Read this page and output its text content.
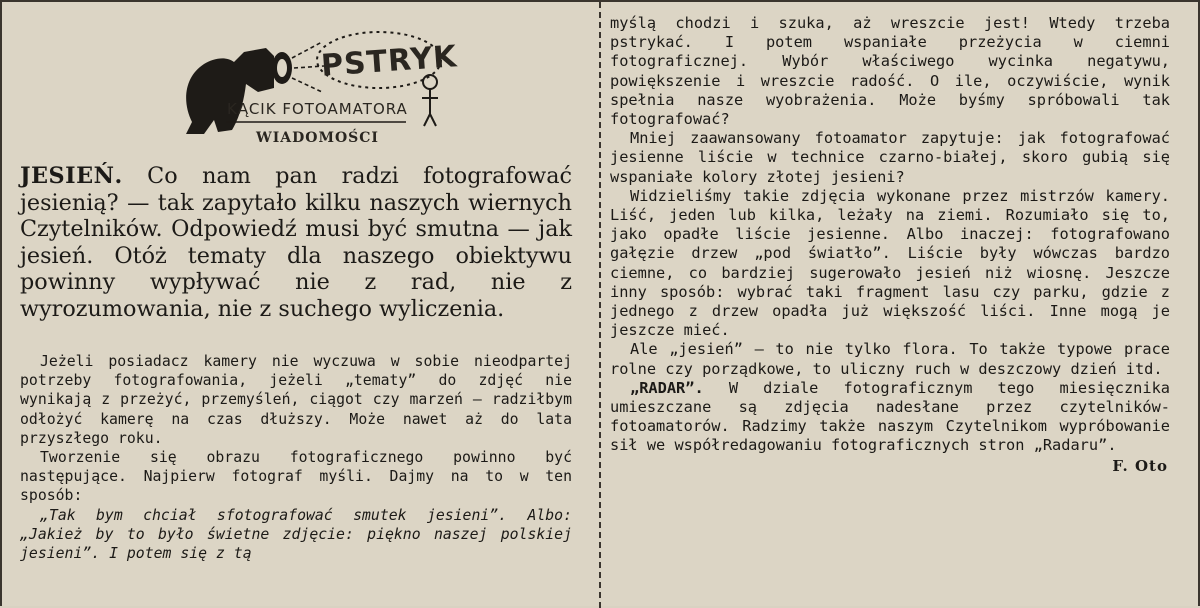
PSTRYK
KĄCIK FOTOAMATORA
WIADOMOŚCI
JESIEŃ. Co nam pan radzi fotografować jesienią? — tak zapytało kilku naszych wiernych Czytelników. Odpowiedź musi być smutna — jak jesień. Otóż tematy dla naszego obiektywu powinny wypływać nie z rad, nie z wyrozumowania, nie z suchego wyliczenia.

Jeżeli posiadacz kamery nie wyczuwa w sobie nieodpartej potrzeby fotografowania, jeżeli „tematy” do zdjęć nie wynikają z przeżyć, przemyśleń, ciągot czy marzeń — radziłbym odłożyć kamerę na czas dłuższy. Może nawet aż do lata przyszłego roku.

Tworzenie się obrazu fotograficznego powinno być następujące. Najpierw fotograf myśli. Dajmy na to w ten sposób:

„Tak bym chciał sfotografować smutek jesieni”. Albo: „Jakież by to było świetne zdjęcie: piękno naszej polskiej jesieni”. I potem się z tą

myślą chodzi i szuka, aż wreszcie jest! Wtedy trzeba pstrykać. I potem wspaniałe przeżycia w ciemni fotograficznej. Wybór właściwego wycinka negatywu, powiększenie i wreszcie radość. O ile, oczywiście, wynik spełnia nasze wyobrażenia. Może byśmy spróbowali tak fotografować?

Mniej zaawansowany fotoamator zapytuje: jak fotografować jesienne liście w technice czarno-białej, skoro gubią się wspaniałe kolory złotej jesieni?

Widzieliśmy takie zdjęcia wykonane przez mistrzów kamery. Liść, jeden lub kilka, leżały na ziemi. Rozumiało się to, jako opadłe liście jesienne. Albo inaczej: fotografowano gałęzie drzew „pod światło”. Liście były wówczas bardzo ciemne, co bardziej sugerowało jesień niż wiosnę. Jeszcze inny sposób: wybrać taki fragment lasu czy parku, gdzie z jednego z drzew opadła już większość liści. Inne mogą je jeszcze mieć.

Ale „jesień” — to nie tylko flora. To także typowe prace rolne czy porządkowe, to uliczny ruch w deszczowy dzień itd.

„RADAR”. W dziale fotograficznym tego miesięcznika umieszczane są zdjęcia nadesłane przez czytelników-fotoamatorów. Radzimy także naszym Czytelnikom wypróbowanie sił we współredagowaniu fotograficznych stron „Radaru”.

F. Oto
